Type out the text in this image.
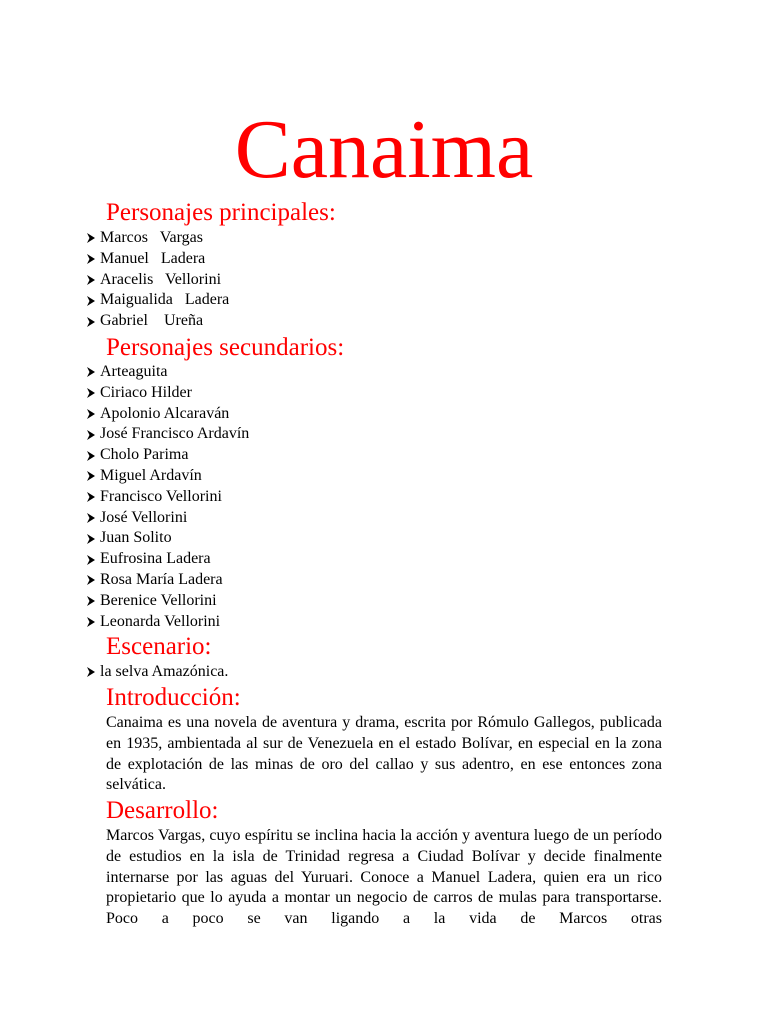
Canaima
Personajes principales:
Marcos   Vargas
Manuel   Ladera
Aracelis   Vellorini
Maigualida   Ladera
Gabriel    Ureña
Personajes secundarios:
Arteaguita
Ciriaco Hilder
Apolonio Alcaraván
José Francisco Ardavín
Cholo Parima
Miguel Ardavín
Francisco Vellorini
José Vellorini
Juan Solito
Eufrosina Ladera
Rosa María Ladera
Berenice Vellorini
Leonarda Vellorini
Escenario:
la selva Amazónica.
Introducción:

Canaima es una novela de aventura y drama, escrita por Rómulo Gallegos, publicada en 1935, ambientada al sur de Venezuela en el estado Bolívar, en especial en la zona de explotación de las minas de oro del callao y sus adentro, en ese entonces zona selvática.

Desarrollo:

Marcos Vargas, cuyo espíritu se inclina hacia la acción y aventura luego de un período de estudios en la isla de Trinidad regresa a Ciudad Bolívar y decide finalmente internarse por las aguas del Yuruari. Conoce a Manuel Ladera, quien era un rico propietario que lo ayuda a montar un negocio de carros de mulas para transportarse. Poco a poco se van ligando a la vida de Marcos otras
